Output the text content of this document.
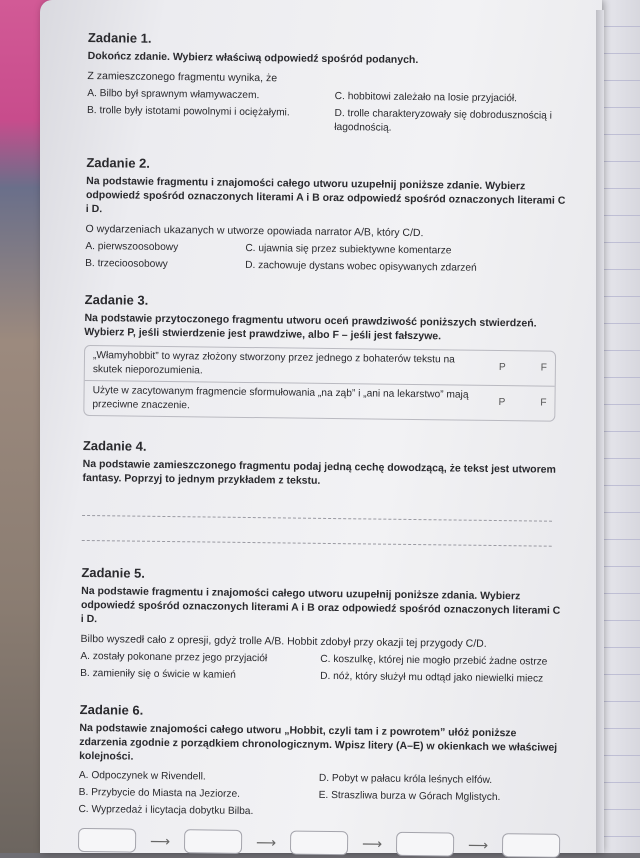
Zadanie 1.
Dokończ zdanie. Wybierz właściwą odpowiedź spośród podanych.
Z zamieszczonego fragmentu wynika, że
A. Bilbo był sprawnym włamywaczem.	C. hobbitowi zależało na losie przyjaciół.
B. trolle były istotami powolnymi i ociężałymi.	D. trolle charakteryzowały się dobrodusznością i łagodnością.
Zadanie 2.
Na podstawie fragmentu i znajomości całego utworu uzupełnij poniższe zdanie. Wybierz odpowiedź spośród oznaczonych literami A i B oraz odpowiedź spośród oznaczonych literami C i D.
O wydarzeniach ukazanych w utworze opowiada narrator A/B, który C/D.
A. pierwszoosobowy	C. ujawnia się przez subiektywne komentarze
B. trzecioosobowy	D. zachowuje dystans wobec opisywanych zdarzeń
Zadanie 3.
Na podstawie przytoczonego fragmentu utworu oceń prawdziwość poniższych stwierdzeń. Wybierz P, jeśli stwierdzenie jest prawdziwe, albo F – jeśli jest fałszywe.
„Włamyhobbit” to wyraz złożony stworzony przez jednego z bohaterów tekstu na skutek nieporozumienia.	P	F
Użyte w zacytowanym fragmencie sformułowania „na ząb” i „ani na lekarstwo” mają przeciwne znaczenie.	P	F
Zadanie 4.
Na podstawie zamieszczonego fragmentu podaj jedną cechę dowodzącą, że tekst jest utworem fantasy. Poprzyj to jednym przykładem z tekstu.
Zadanie 5.
Na podstawie fragmentu i znajomości całego utworu uzupełnij poniższe zdania. Wybierz odpowiedź spośród oznaczonych literami A i B oraz odpowiedź spośród oznaczonych literami C i D.
Bilbo wyszedł cało z opresji, gdyż trolle A/B. Hobbit zdobył przy okazji tej przygody C/D.
A. zostały pokonane przez jego przyjaciół	C. koszulkę, której nie mogło przebić żadne ostrze
B. zamieniły się o świcie w kamień	D. nóż, który służył mu odtąd jako niewielki miecz
Zadanie 6.
Na podstawie znajomości całego utworu „Hobbit, czyli tam i z powrotem” ułóż poniższe zdarzenia zgodnie z porządkiem chronologicznym. Wpisz litery (A–E) w okienkach we właściwej kolejności.
A. Odpoczynek w Rivendell.	D. Pobyt w pałacu króla leśnych elfów.
B. Przybycie do Miasta na Jeziorze.	E. Straszliwa burza w Górach Mglistych.
C. Wyprzedaż i licytacja dobytku Bilba.
⟶	⟶	⟶	⟶
